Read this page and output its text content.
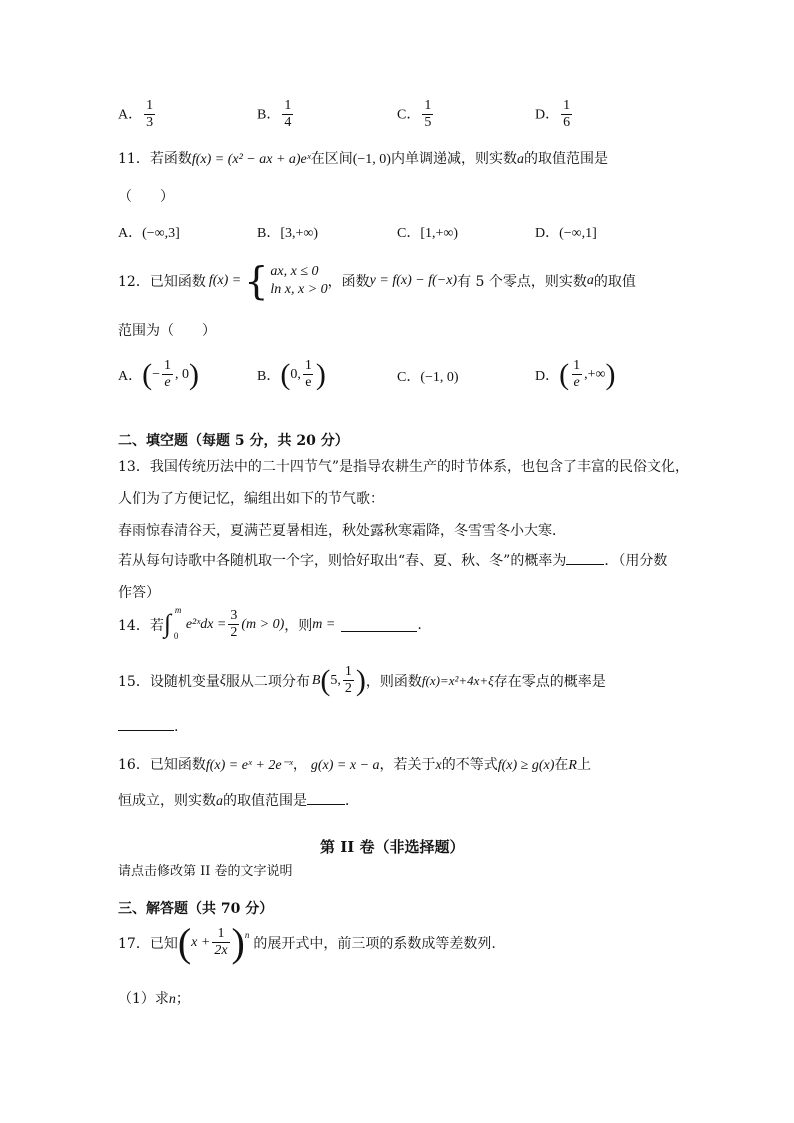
A． $\frac{1}{3}$	B． $\frac{1}{4}$	C． $\frac{1}{5}$	D． $\frac{1}{6}$
11．若函数f(x) = (x² − ax + a)eˣ在区间(−1, 0)内单调递减，则实数a的取值范围是
（　　）
A．(−∞,3]	B．[3,+∞)	C．[1,+∞)	D．(−∞,1]
12．已知函数 f(x) = { ax, x ≤ 0
ln x, x > 0 ，函数 y = f(x) − f(−x) 有 5 个零点，则实数 a 的取值
范围为（　　）
A． ( − $\frac{1}{e}$ , 0 )	B． ( 0, $\frac{1}{e}$ )	C．(−1, 0)	D． ( $\frac{1}{e}$ ,+∞ )
二、填空题（每题 5 分，共 20 分）
13．我国传统历法中的二十四节气”是指导农耕生产的时节体系，也包含了丰富的民俗文化，
人们为了方便记忆，编组出如下的节气歌：
春雨惊春清谷天，夏满芒夏暑相连，秋处露秋寒霜降，冬雪雪冬小大寒．
若从每句诗歌中各随机取一个字，则恰好取出“春、夏、秋、冬”的概率为	．（用分数
作答）
14．若 ∫ m
0
e²ˣdx = $\frac{3}{2} (m > 0)$ ，则 m =	.
15．设随机变量 ξ 服从二项分布 B ( 5, $\frac{1}{2}$ ) ，则函数 f(x)=x²+4x+ξ 存在零点的概率是
.
16．已知函数f(x) = eˣ + 2e⁻ˣ， g(x) = x − a，若关于x的不等式f(x) ≥ g(x)在R上
恒成立，则实数a的取值范围是	．
第 II 卷（非选择题）
请点击修改第 II 卷的文字说明
三、解答题（共 70 分）
17．已知 ( $x + \frac{1}{2x} )^n$
的展开式中，前三项的系数成等差数列.
（1）求n；
